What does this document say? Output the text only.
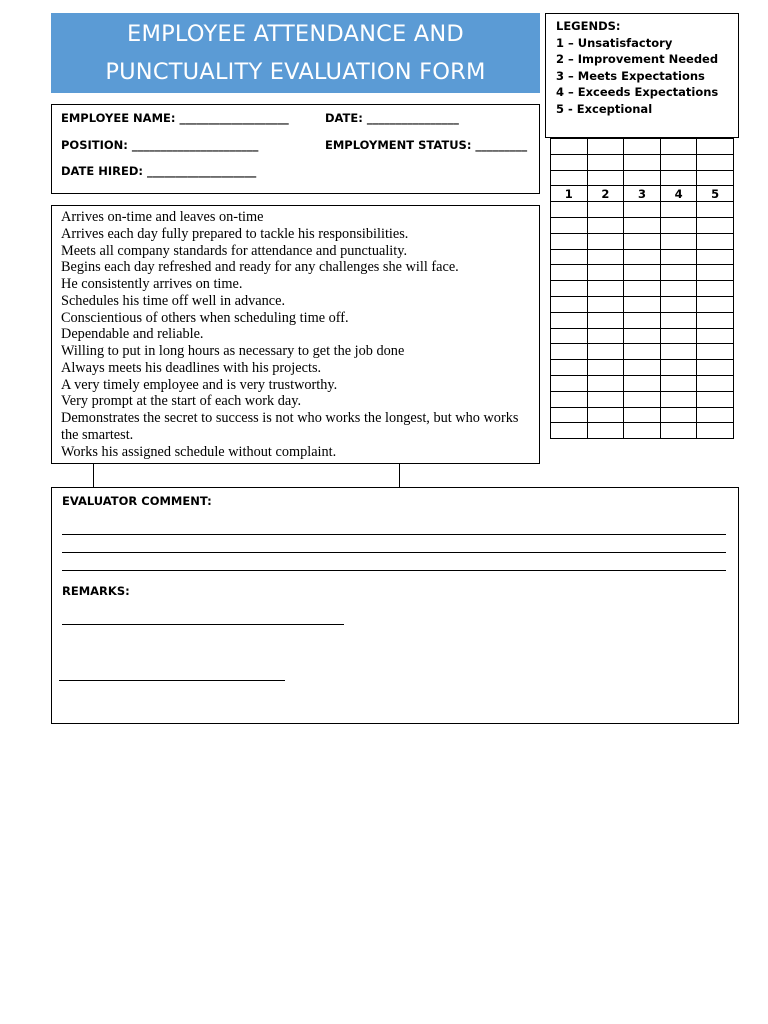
EMPLOYEE ATTENDANCE AND
PUNCTUALITY EVALUATION FORM
LEGENDS:
1 – Unsatisfactory
2 – Improvement Needed
3 – Meets Expectations
4 – Exceeds Expectations
5 - Exceptional
EMPLOYEE NAME: ___________________	DATE: ________________
POSITION: ______________________	EMPLOYMENT STATUS: _________
DATE HIRED: ___________________

1	2	3	4	5

Arrives on-time and leaves on-time
Arrives each day fully prepared to tackle his responsibilities.
Meets all company standards for attendance and punctuality.
Begins each day refreshed and ready for any challenges she will face.
He consistently arrives on time.
Schedules his time off well in advance.
Conscientious of others when scheduling time off.
Dependable and reliable.
Willing to put in long hours as necessary to get the job done
Always meets his deadlines with his projects.
A very timely employee and is very trustworthy.
Very prompt at the start of each work day.
Demonstrates the secret to success is not who works the longest, but who works the smartest.
Works his assigned schedule without complaint.
EVALUATOR COMMENT:
REMARKS:
